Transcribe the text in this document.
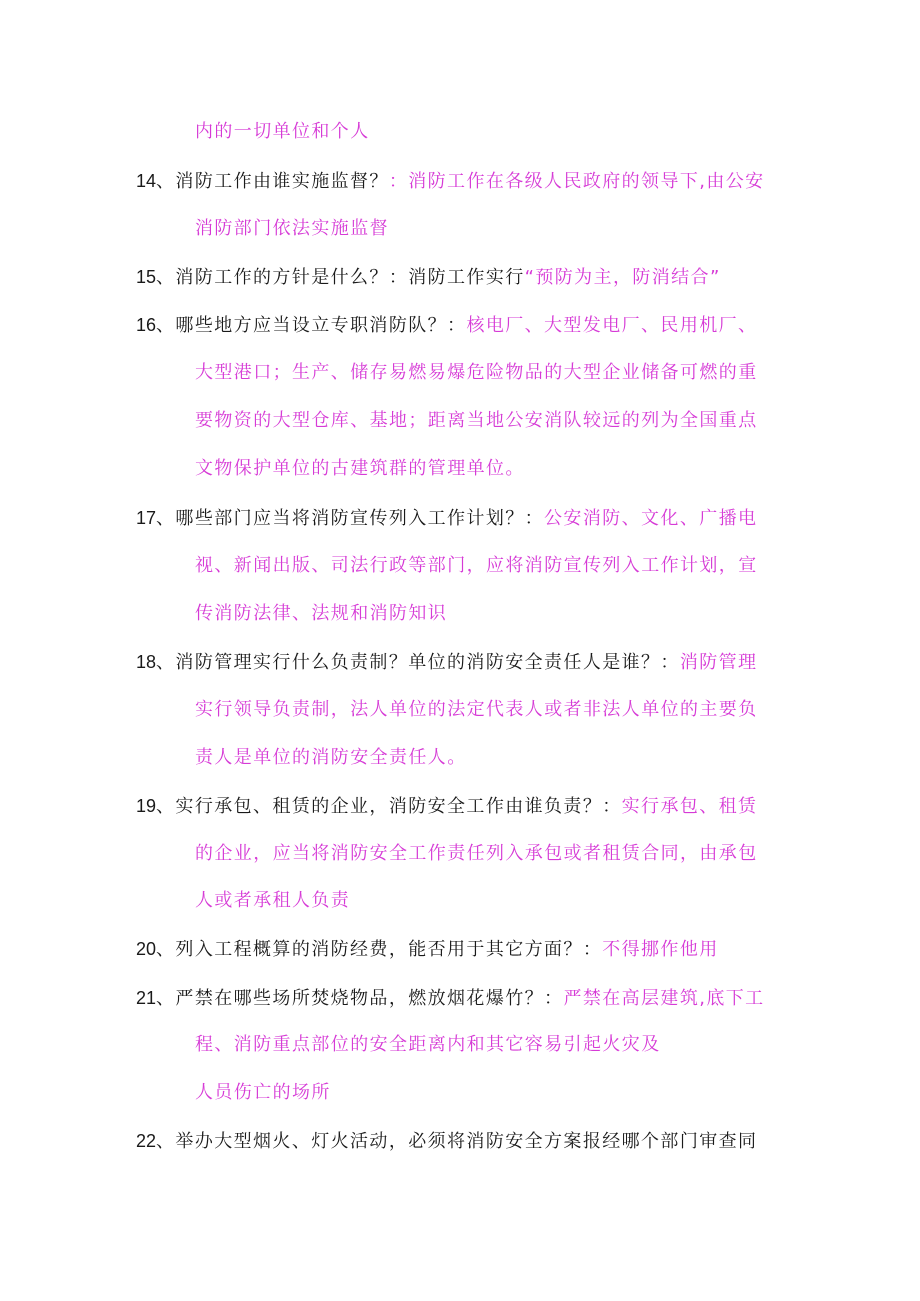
内的一切单位和个人
14、消防工作由谁实施监督？：消防工作在各级人民政府的领导下,由公安
消防部门依法实施监督
15、消防工作的方针是什么？：消防工作实行“预防为主，防消结合”
16、哪些地方应当设立专职消防队？：核电厂、大型发电厂、民用机厂、
大型港口；生产、储存易燃易爆危险物品的大型企业储备可燃的重
要物资的大型仓库、基地；距离当地公安消队较远的列为全国重点
文物保护单位的古建筑群的管理单位。
17、哪些部门应当将消防宣传列入工作计划？：公安消防、文化、广播电
视、新闻出版、司法行政等部门，应将消防宣传列入工作计划，宣
传消防法律、法规和消防知识
18、消防管理实行什么负责制？单位的消防安全责任人是谁？：消防管理
实行领导负责制，法人单位的法定代表人或者非法人单位的主要负
责人是单位的消防安全责任人。
19、实行承包、租赁的企业，消防安全工作由谁负责？：实行承包、租赁
的企业，应当将消防安全工作责任列入承包或者租赁合同，由承包
人或者承租人负责
20、列入工程概算的消防经费，能否用于其它方面？：不得挪作他用
21、严禁在哪些场所焚烧物品，燃放烟花爆竹？：严禁在高层建筑,底下工
程、消防重点部位的安全距离内和其它容易引起火灾及
人员伤亡的场所
22、举办大型烟火、灯火活动，必须将消防安全方案报经哪个部门审查同
